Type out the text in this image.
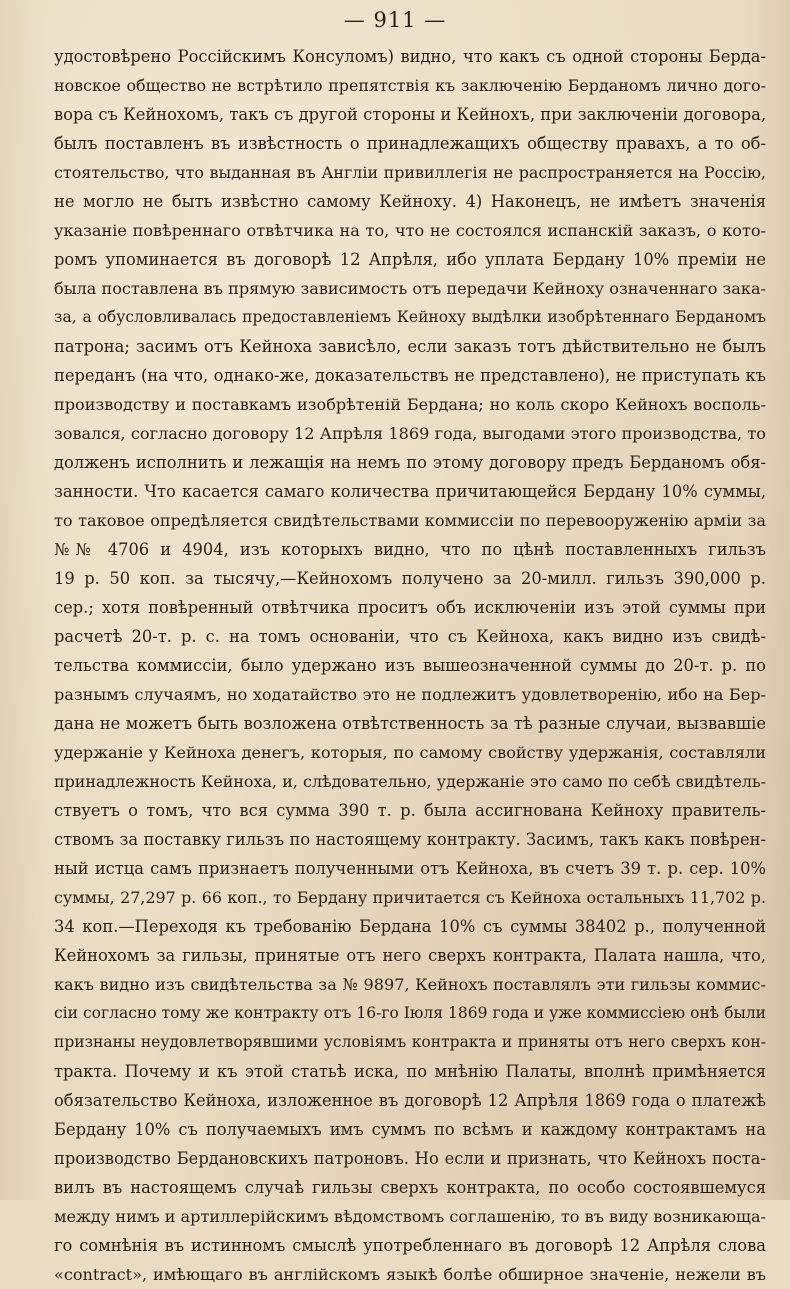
— 911 —
удостовѣрено Россійскимъ Консуломъ) видно, что какъ съ одной стороны Берда-
новское общество не встрѣтило препятствія къ заключенію Берданомъ лично дого-
вора съ Кейнохомъ, такъ съ другой стороны и Кейнохъ, при заключеніи договора,
былъ поставленъ въ извѣстность о принадлежащихъ обществу правахъ, а то об-
стоятельство, что выданная въ Англіи привиллегія не распространяется на Россію,
не могло не быть извѣстно самому Кейноху. 4) Наконецъ, не имѣетъ значенія
указаніе повѣреннаго отвѣтчика на то, что не состоялся испанскій заказъ, о кото-
ромъ упоминается въ договорѣ 12 Апрѣля, ибо уплата Бердану 10% преміи не
была поставлена въ прямую зависимость отъ передачи Кейноху означеннаго зака-
за, а обусловливалась предоставленіемъ Кейноху выдѣлки изобрѣтеннаго Берданомъ
патрона; засимъ отъ Кейноха зависѣло, если заказъ тотъ дѣйствительно не былъ
переданъ (на что, однако-же, доказательствъ не представлено), не приступать къ
производству и поставкамъ изобрѣтеній Бердана; но коль скоро Кейнохъ восполь-
зовался, согласно договору 12 Апрѣля 1869 года, выгодами этого производства, то
долженъ исполнить и лежащія на немъ по этому договору предъ Берданомъ обя-
занности. Что касается самаго количества причитающейся Бердану 10% суммы,
то таковое опредѣляется свидѣтельствами коммиссіи по перевооруженію арміи за
№№ 4706 и 4904, изъ которыхъ видно, что по цѣнѣ поставленныхъ гильзъ
19 р. 50 коп. за тысячу,—Кейнохомъ получено за 20-милл. гильзъ 390,000 р.
сер.; хотя повѣренный отвѣтчика проситъ объ исключеніи изъ этой суммы при
расчетѣ 20-т. р. с. на томъ основаніи, что съ Кейноха, какъ видно изъ свидѣ-
тельства коммиссіи, было удержано изъ вышеозначенной суммы до 20-т. р. по
разнымъ случаямъ, но ходатайство это не подлежитъ удовлетворенію, ибо на Бер-
дана не можетъ быть возложена отвѣтственность за тѣ разные случаи, вызвавшіе
удержаніе у Кейноха денегъ, которыя, по самому свойству удержанія, составляли
принадлежность Кейноха, и, слѣдовательно, удержаніе это само по себѣ свидѣтель-
ствуетъ о томъ, что вся сумма 390 т. р. была ассигнована Кейноху правитель-
ствомъ за поставку гильзъ по настоящему контракту. Засимъ, такъ какъ повѣрен-
ный истца самъ признаетъ полученными отъ Кейноха, въ счетъ 39 т. р. сер. 10%
суммы, 27,297 р. 66 коп., то Бердану причитается съ Кейноха остальныхъ 11,702 р.
34 коп.—Переходя къ требованію Бердана 10% съ суммы 38402 р., полученной
Кейнохомъ за гильзы, принятые отъ него сверхъ контракта, Палата нашла, что,
какъ видно изъ свидѣтельства за № 9897, Кейнохъ поставлялъ эти гильзы коммис-
сіи согласно тому же контракту отъ 16-го Іюля 1869 года и уже коммиссіею онѣ были
признаны неудовлетворявшими условіямъ контракта и приняты отъ него сверхъ кон-
тракта. Почему и къ этой статьѣ иска, по мнѣнію Палаты, вполнѣ примѣняется
обязательство Кейноха, изложенное въ договорѣ 12 Апрѣля 1869 года о платежѣ
Бердану 10% съ получаемыхъ имъ суммъ по всѣмъ и каждому контрактамъ на
производство Бердановскихъ патроновъ. Но если и признать, что Кейнохъ поста-
вилъ въ настоящемъ случаѣ гильзы сверхъ контракта, по особо состоявшемуся
между нимъ и артиллерійскимъ вѣдомствомъ соглашенію, то въ виду возникающа-
го сомнѣнія въ истинномъ смыслѣ употребленнаго въ договорѣ 12 Апрѣля слова
«contract», имѣющаго въ англійскомъ языкѣ болѣе обширное значеніе, нежели въ
